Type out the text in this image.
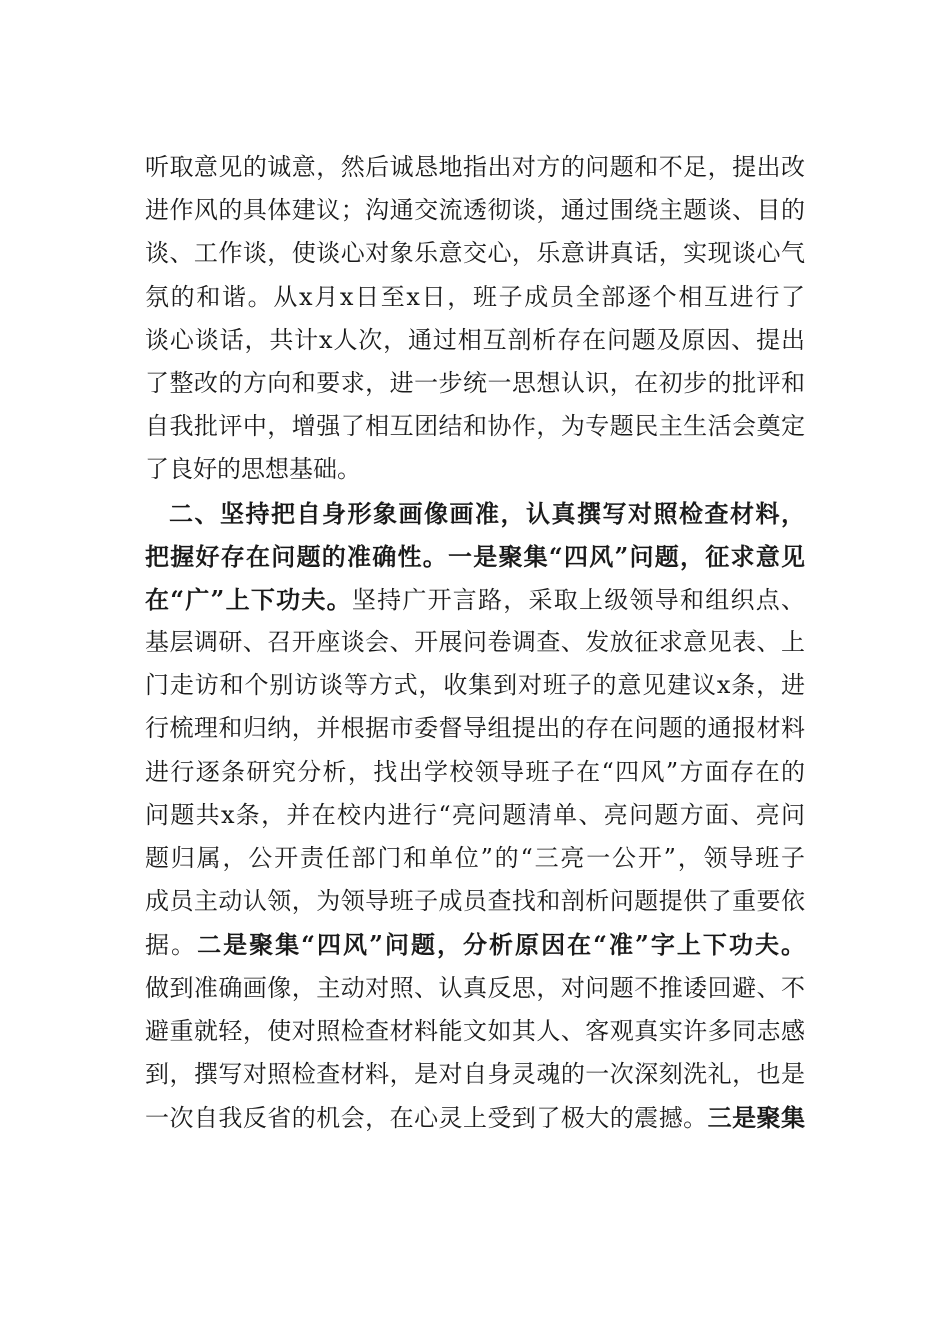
听取意见的诚意，然后诚恳地指出对方的问题和不足，提出改
进作风的具体建议；沟通交流透彻谈，通过围绕主题谈、目的
谈、工作谈，使谈心对象乐意交心，乐意讲真话，实现谈心气
氛的和谐。从x月x日至x日，班子成员全部逐个相互进行了
谈心谈话，共计x人次，通过相互剖析存在问题及原因、提出
了整改的方向和要求，进一步统一思想认识，在初步的批评和
自我批评中，增强了相互团结和协作，为专题民主生活会奠定
了良好的思想基础。
二、坚持把自身形象画像画准，认真撰写对照检查材料，
把握好存在问题的准确性。一是聚集“四风”问题，征求意见
在“广”上下功夫。坚持广开言路，采取上级领导和组织点、
基层调研、召开座谈会、开展问卷调查、发放征求意见表、上
门走访和个别访谈等方式，收集到对班子的意见建议x条，进
行梳理和归纳，并根据市委督导组提出的存在问题的通报材料
进行逐条研究分析，找出学校领导班子在“四风”方面存在的
问题共x条，并在校内进行“亮问题清单、亮问题方面、亮问
题归属，公开责任部门和单位”的“三亮一公开”，领导班子
成员主动认领，为领导班子成员查找和剖析问题提供了重要依
据。二是聚集“四风”问题，分析原因在“准”字上下功夫。
做到准确画像，主动对照、认真反思，对问题不推诿回避、不
避重就轻，使对照检查材料能文如其人、客观真实许多同志感
到，撰写对照检查材料，是对自身灵魂的一次深刻洗礼，也是
一次自我反省的机会，在心灵上受到了极大的震撼。三是聚集
